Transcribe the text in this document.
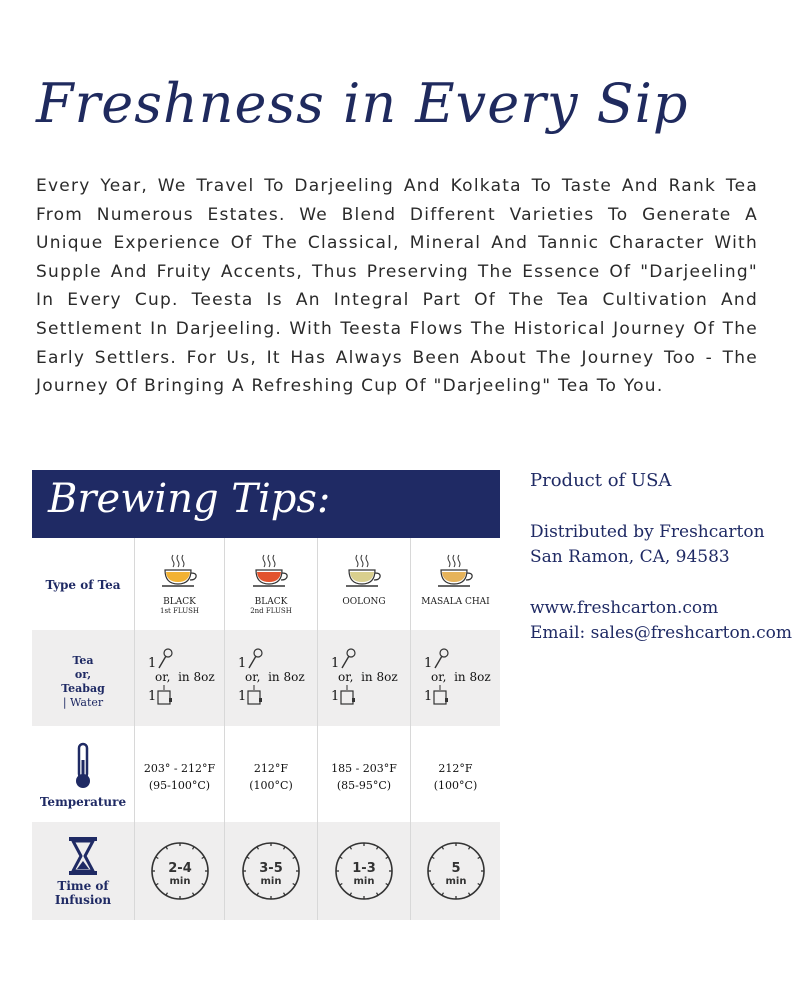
Freshness in Every Sip

Every Year, We Travel To Darjeeling And Kolkata To Taste And Rank Tea From Numerous Estates. We Blend Different Varieties To Generate A Unique Experience Of The Classical, Mineral And Tannic Character With Supple And Fruity Accents, Thus Preserving The Essence Of "Darjeeling" In Every Cup. Teesta Is An Integral Part Of The Tea Cultivation And Settlement In Darjeeling. With Teesta Flows The Historical Journey Of The Early Settlers. For Us, It Has Always Been About The Journey Too - The Journey Of Bringing A Refreshing Cup Of "Darjeeling" Tea To You.

Brewing Tips:
Type of Tea
Tea
or,
Teabag
| Water
Temperature
Time of
Infusion
BLACK
1st FLUSH
1
or,  in 8oz
1
203° - 212°F
(95-100°C)
2-4
min
BLACK
2nd FLUSH
1
or,  in 8oz
1
212°F
(100°C)
3-5
min
OOLONG
1
or,  in 8oz
1
185 - 203°F
(85-95°C)
1-3
min
MASALA CHAI
1
or,  in 8oz
1
212°F
(100°C)
5
min
Product of USA
Distributed by Freshcarton
San Ramon, CA, 94583
www.freshcarton.com
Email: sales@freshcarton.com
